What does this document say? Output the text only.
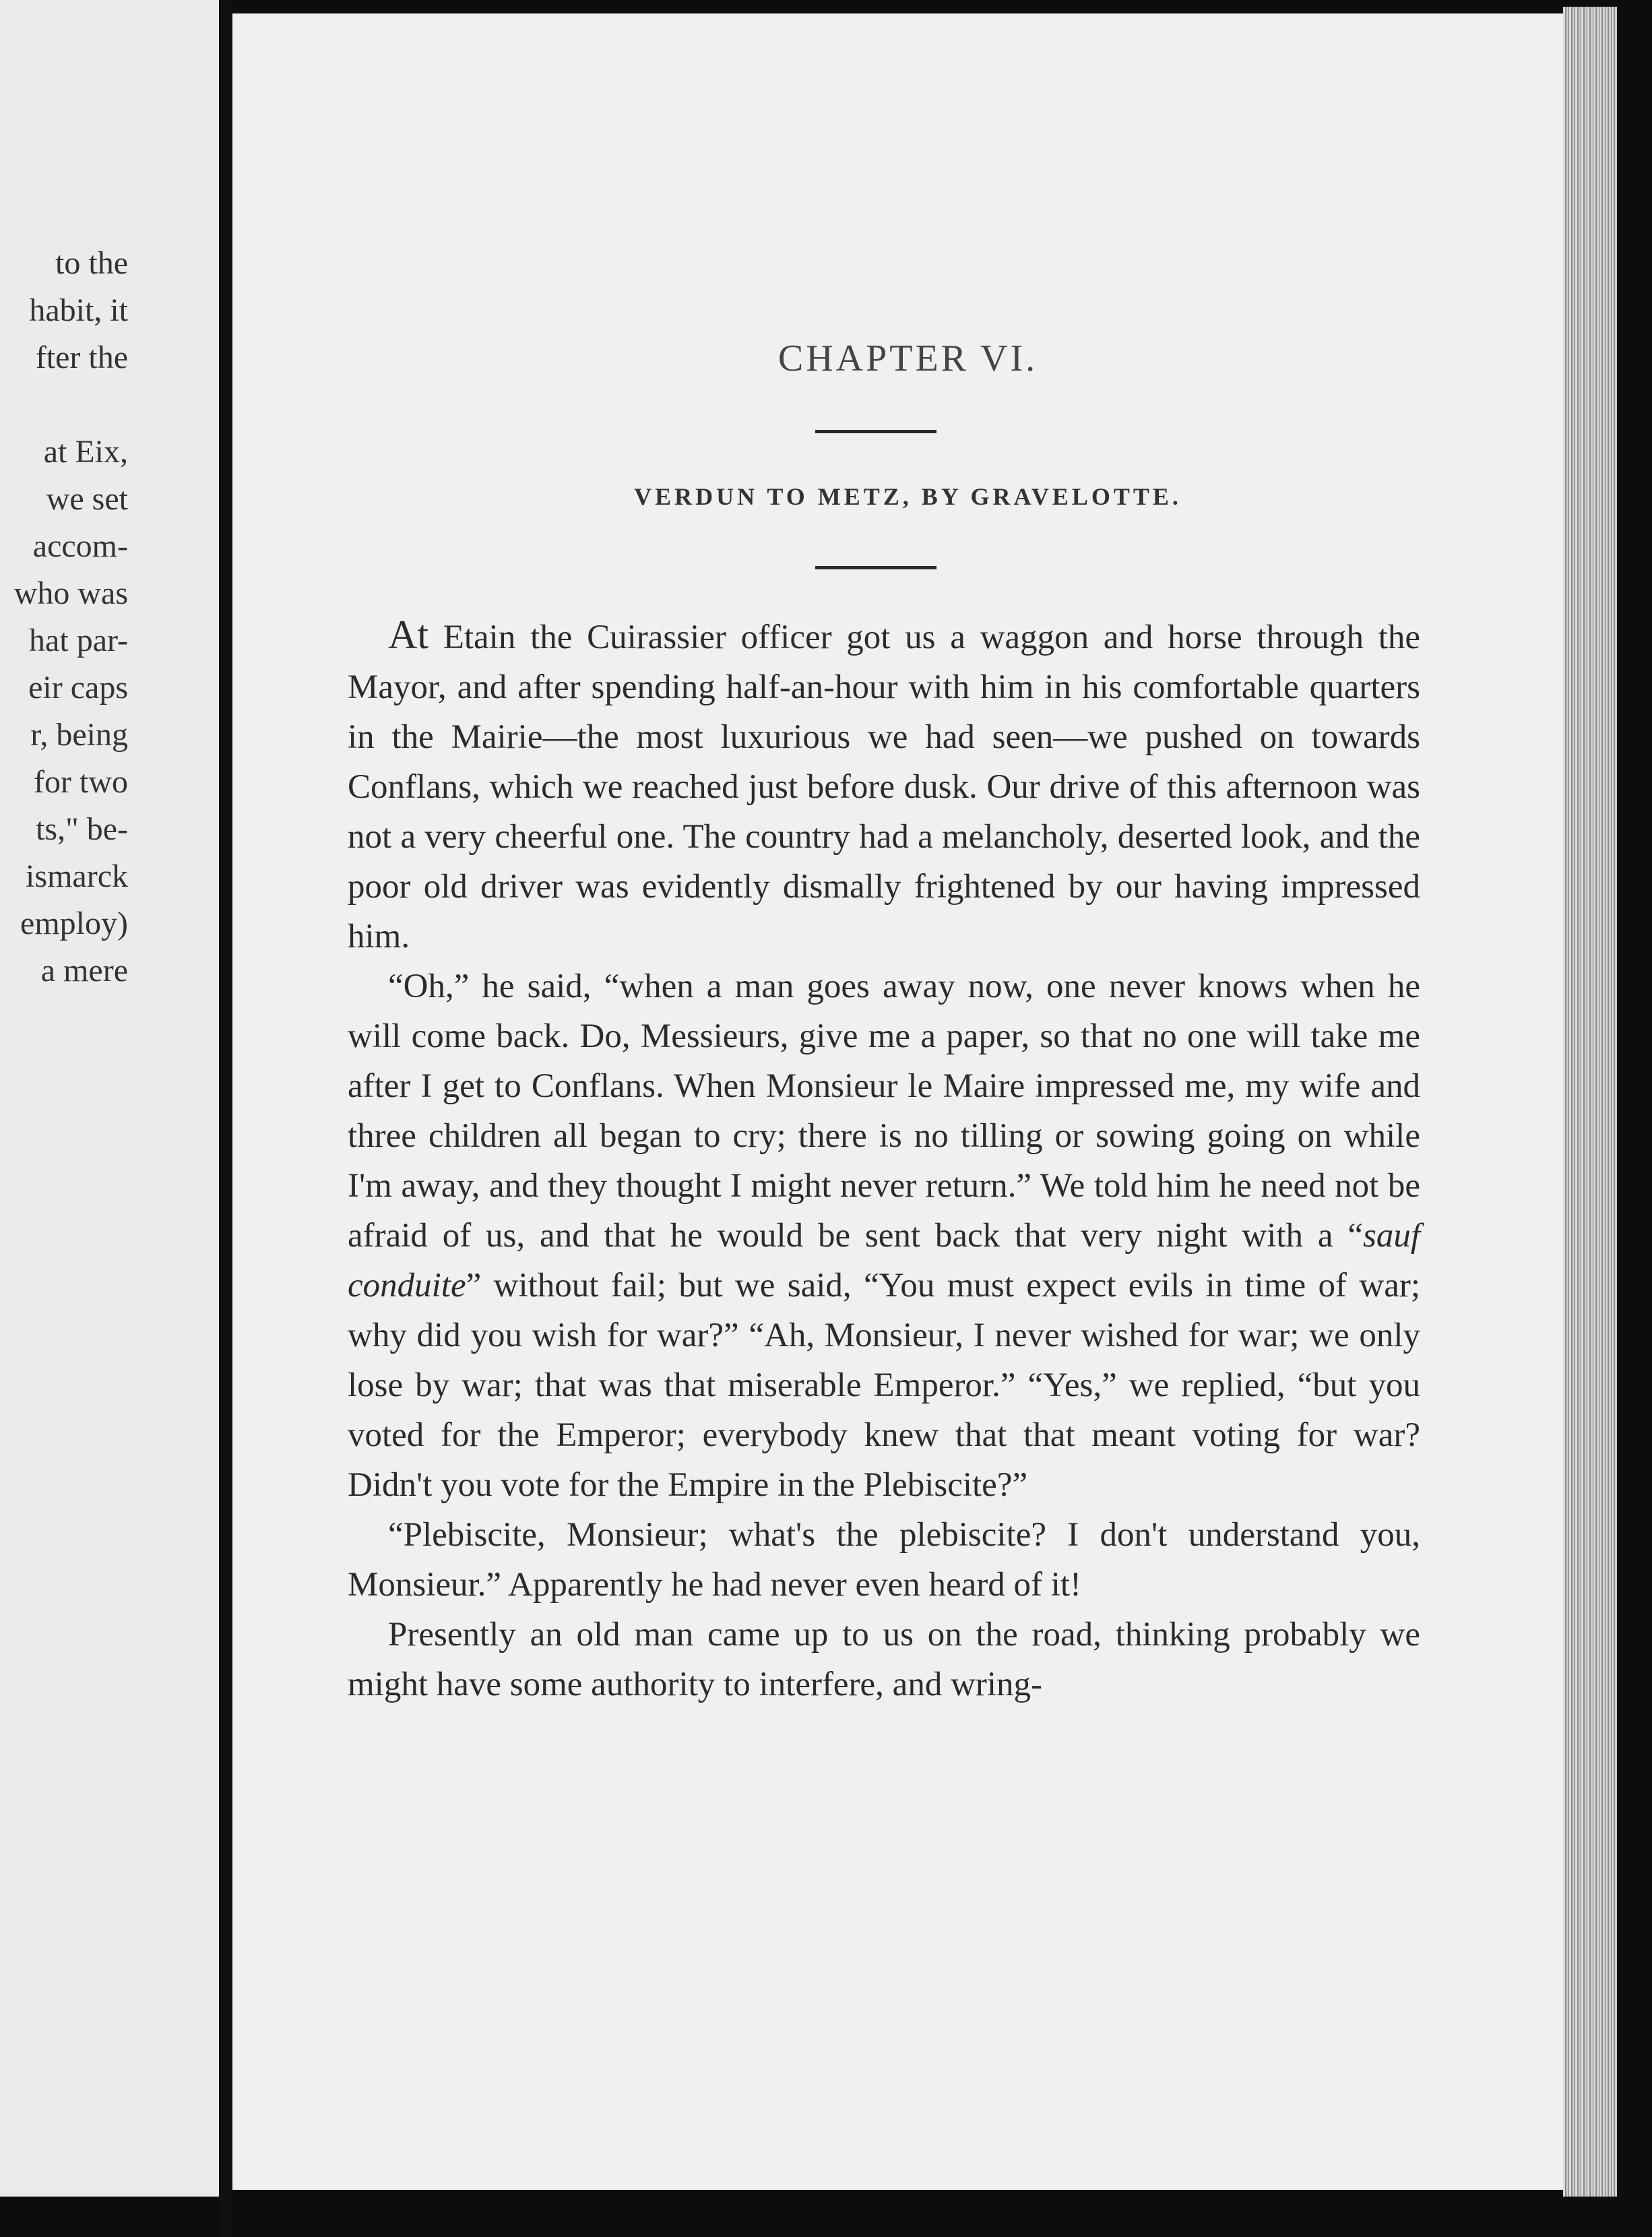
to the
habit, it
fter the

at Eix,
we set
accom-
who was
hat par-
eir caps
r, being
for two
ts," be-
ismarck
employ)
a mere
CHAPTER VI.
VERDUN TO METZ, BY GRAVELOTTE.

At Etain the Cuirassier officer got us a waggon and horse through the Mayor, and after spending half-an-hour with him in his comfortable quarters in the Mairie—the most luxurious we had seen—we pushed on towards Conflans, which we reached just before dusk. Our drive of this afternoon was not a very cheerful one. The country had a melancholy, deserted look, and the poor old driver was evidently dismally frightened by our having impressed him.

“Oh,” he said, “when a man goes away now, one never knows when he will come back. Do, Messieurs, give me a paper, so that no one will take me after I get to Conflans. When Monsieur le Maire impressed me, my wife and three children all began to cry; there is no tilling or sowing going on while I'm away, and they thought I might never return.” We told him he need not be afraid of us, and that he would be sent back that very night with a “sauf conduite” without fail; but we said, “You must expect evils in time of war; why did you wish for war?” “Ah, Monsieur, I never wished for war; we only lose by war; that was that miserable Emperor.” “Yes,” we replied, “but you voted for the Emperor; everybody knew that that meant voting for war? Didn't you vote for the Empire in the Plebiscite?”

“Plebiscite, Monsieur; what's the plebiscite? I don't understand you, Monsieur.” Apparently he had never even heard of it!

Presently an old man came up to us on the road, thinking probably we might have some authority to interfere, and wring-
